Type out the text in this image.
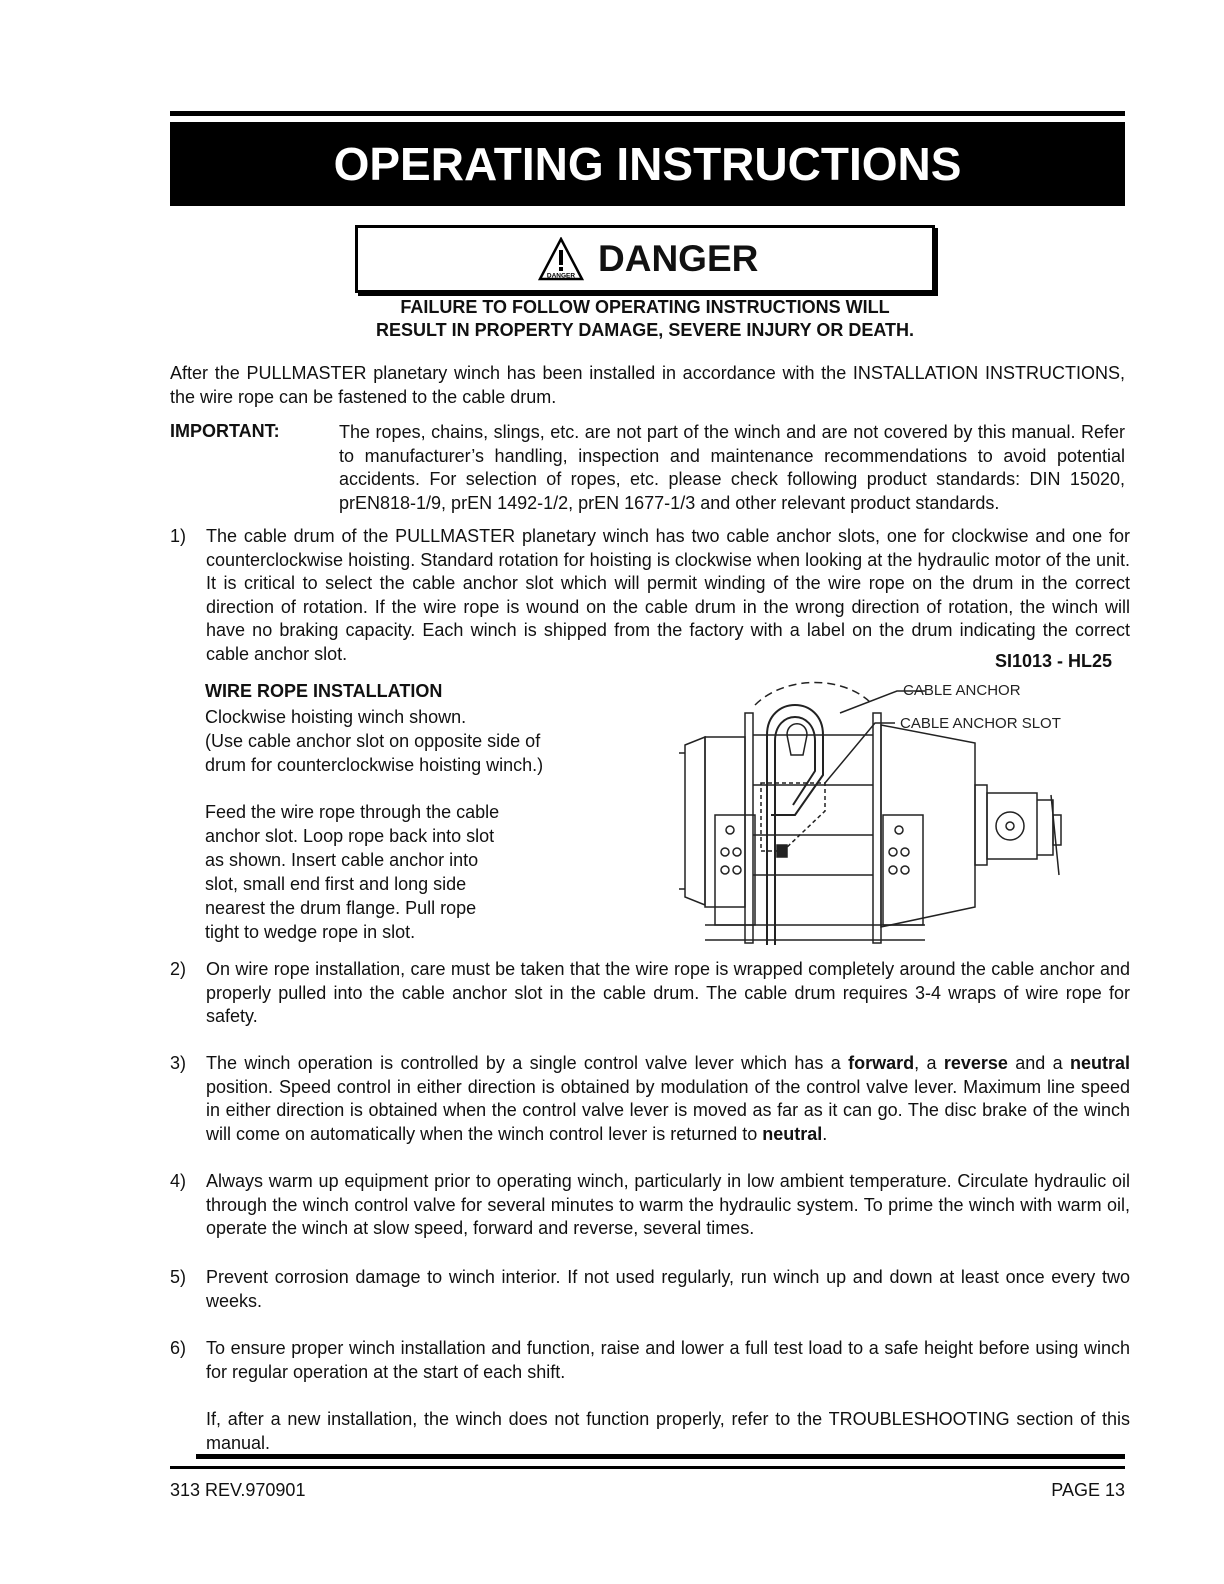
OPERATING INSTRUCTIONS
DANGER DANGER
FAILURE TO FOLLOW OPERATING INSTRUCTIONS WILL
RESULT IN PROPERTY DAMAGE, SEVERE INJURY OR DEATH.
After the PULLMASTER planetary winch has been installed in accordance with the INSTALLATION INSTRUCTIONS, the wire rope can be fastened to the cable drum.
IMPORTANT:	The ropes, chains, slings, etc. are not part of the winch and are not covered by this manual. Refer to manufacturer’s handling, inspection and maintenance recommendations to avoid potential accidents. For selection of ropes, etc. please check following product standards: DIN 15020, prEN818-1/9, prEN 1492-1/2, prEN 1677-1/3 and other relevant product standards.
1) The cable drum of the PULLMASTER planetary winch has two cable anchor slots, one for clockwise and one for counterclockwise hoisting. Standard rotation for hoisting is clockwise when looking at the hydraulic motor of the unit. It is critical to select the cable anchor slot which will permit winding of the wire rope on the drum in the correct direction of rotation. If the wire rope is wound on the cable drum in the wrong direction of rotation, the winch will have no braking capacity. Each winch is shipped from the factory with a label on the drum indicating the correct cable anchor slot.	SI1013 - HL25
WIRE ROPE INSTALLATION
Clockwise hoisting winch shown.
(Use cable anchor slot on opposite side of
drum for counterclockwise hoisting winch.)
Feed the wire rope through the cable
anchor slot. Loop rope back into slot
as shown. Insert cable anchor into
slot, small end first and long side
nearest the drum flange. Pull rope
tight to wedge rope in slot.
CABLE ANCHOR
CABLE ANCHOR SLOT
2) On wire rope installation, care must be taken that the wire rope is wrapped completely around the cable anchor and properly pulled into the cable anchor slot in the cable drum. The cable drum requires 3-4 wraps of wire rope for safety.
3) The winch operation is controlled by a single control valve lever which has a forward, a reverse and a neutral position. Speed control in either direction is obtained by modulation of the control valve lever. Maximum line speed in either direction is obtained when the control valve lever is moved as far as it can go. The disc brake of the winch will come on automatically when the winch control lever is returned to neutral.
4) Always warm up equipment prior to operating winch, particularly in low ambient temperature. Circulate hydraulic oil through the winch control valve for several minutes to warm the hydraulic system. To prime the winch with warm oil, operate the winch at slow speed, forward and reverse, several times.
5) Prevent corrosion damage to winch interior. If not used regularly, run winch up and down at least once every two weeks.
6) To ensure proper winch installation and function, raise and lower a full test load to a safe height before using winch for regular operation at the start of each shift.
If, after a new installation, the winch does not function properly, refer to the TROUBLESHOOTING section of this manual.
313 REV.970901	PAGE 13
